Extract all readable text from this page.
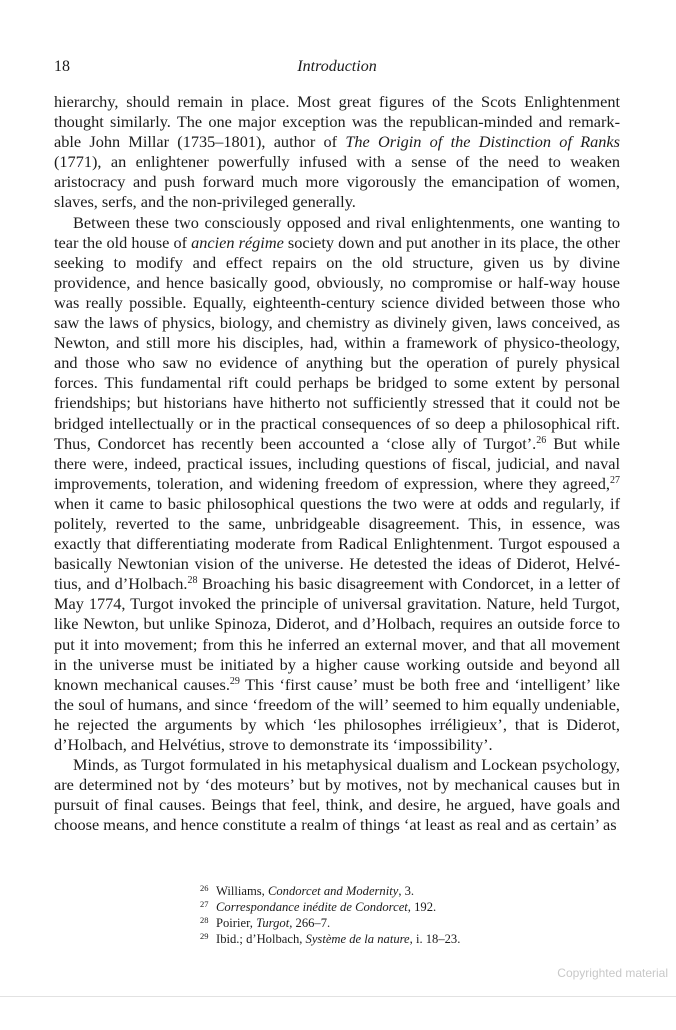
18	Introduction

hierarchy, should remain in place. Most great figures of the Scots Enlightenment thought similarly. The one major exception was the republican-minded and remarkable John Millar (1735–1801), author of The Origin of the Distinction of Ranks (1771), an enlightener powerfully infused with a sense of the need to weaken aristocracy and push forward much more vigorously the emancipation of women, slaves, serfs, and the non-privileged generally.

Between these two consciously opposed and rival enlightenments, one wanting to tear the old house of ancien régime society down and put another in its place, the other seeking to modify and effect repairs on the old structure, given us by divine providence, and hence basically good, obviously, no compromise or half-way house was really possible. Equally, eighteenth-century science divided between those who saw the laws of physics, biology, and chemistry as divinely given, laws conceived, as Newton, and still more his disciples, had, within a framework of physico-theology, and those who saw no evidence of anything but the operation of purely physical forces. This fundamental rift could perhaps be bridged to some extent by personal friendships; but historians have hitherto not sufficiently stressed that it could not be bridged intellectually or in the practical consequences of so deep a philosophical rift. Thus, Condorcet has recently been accounted a ‘close ally of Turgot’.$^{26}$ But while there were, indeed, practical issues, including questions of fiscal, judicial, and naval improvements, toleration, and widening freedom of expression, where they agreed,$^{27}$ when it came to basic philosophical questions the two were at odds and regularly, if politely, reverted to the same, unbridgeable disagreement. This, in essence, was exactly that differentiating moderate from Radical Enlightenment. Turgot espoused a basically Newtonian vision of the universe. He detested the ideas of Diderot, Helvétius, and d’Holbach.$^{28}$ Broaching his basic disagreement with Condorcet, in a letter of May 1774, Turgot invoked the principle of universal gravitation. Nature, held Turgot, like Newton, but unlike Spinoza, Diderot, and d’Holbach, requires an outside force to put it into movement; from this he inferred an external mover, and that all movement in the universe must be initiated by a higher cause working outside and beyond all known mechanical causes.$^{29}$ This ‘first cause’ must be both free and ‘intelligent’ like the soul of humans, and since ‘freedom of the will’ seemed to him equally undeniable, he rejected the arguments by which ‘les philosophes irréligieux’, that is Diderot, d’Holbach, and Helvétius, strove to demonstrate its ‘impossibility’.

Minds, as Turgot formulated in his metaphysical dualism and Lockean psychology, are determined not by ‘des moteurs’ but by motives, not by mechanical causes but in pursuit of final causes. Beings that feel, think, and desire, he argued, have goals and choose means, and hence constitute a realm of things ‘at least as real and as certain’ as

26 Williams, Condorcet and Modernity, 3.
27 Correspondance inédite de Condorcet, 192.
28 Poirier, Turgot, 266–7.
29 Ibid.; d’Holbach, Système de la nature, i. 18–23.
Copyrighted material
